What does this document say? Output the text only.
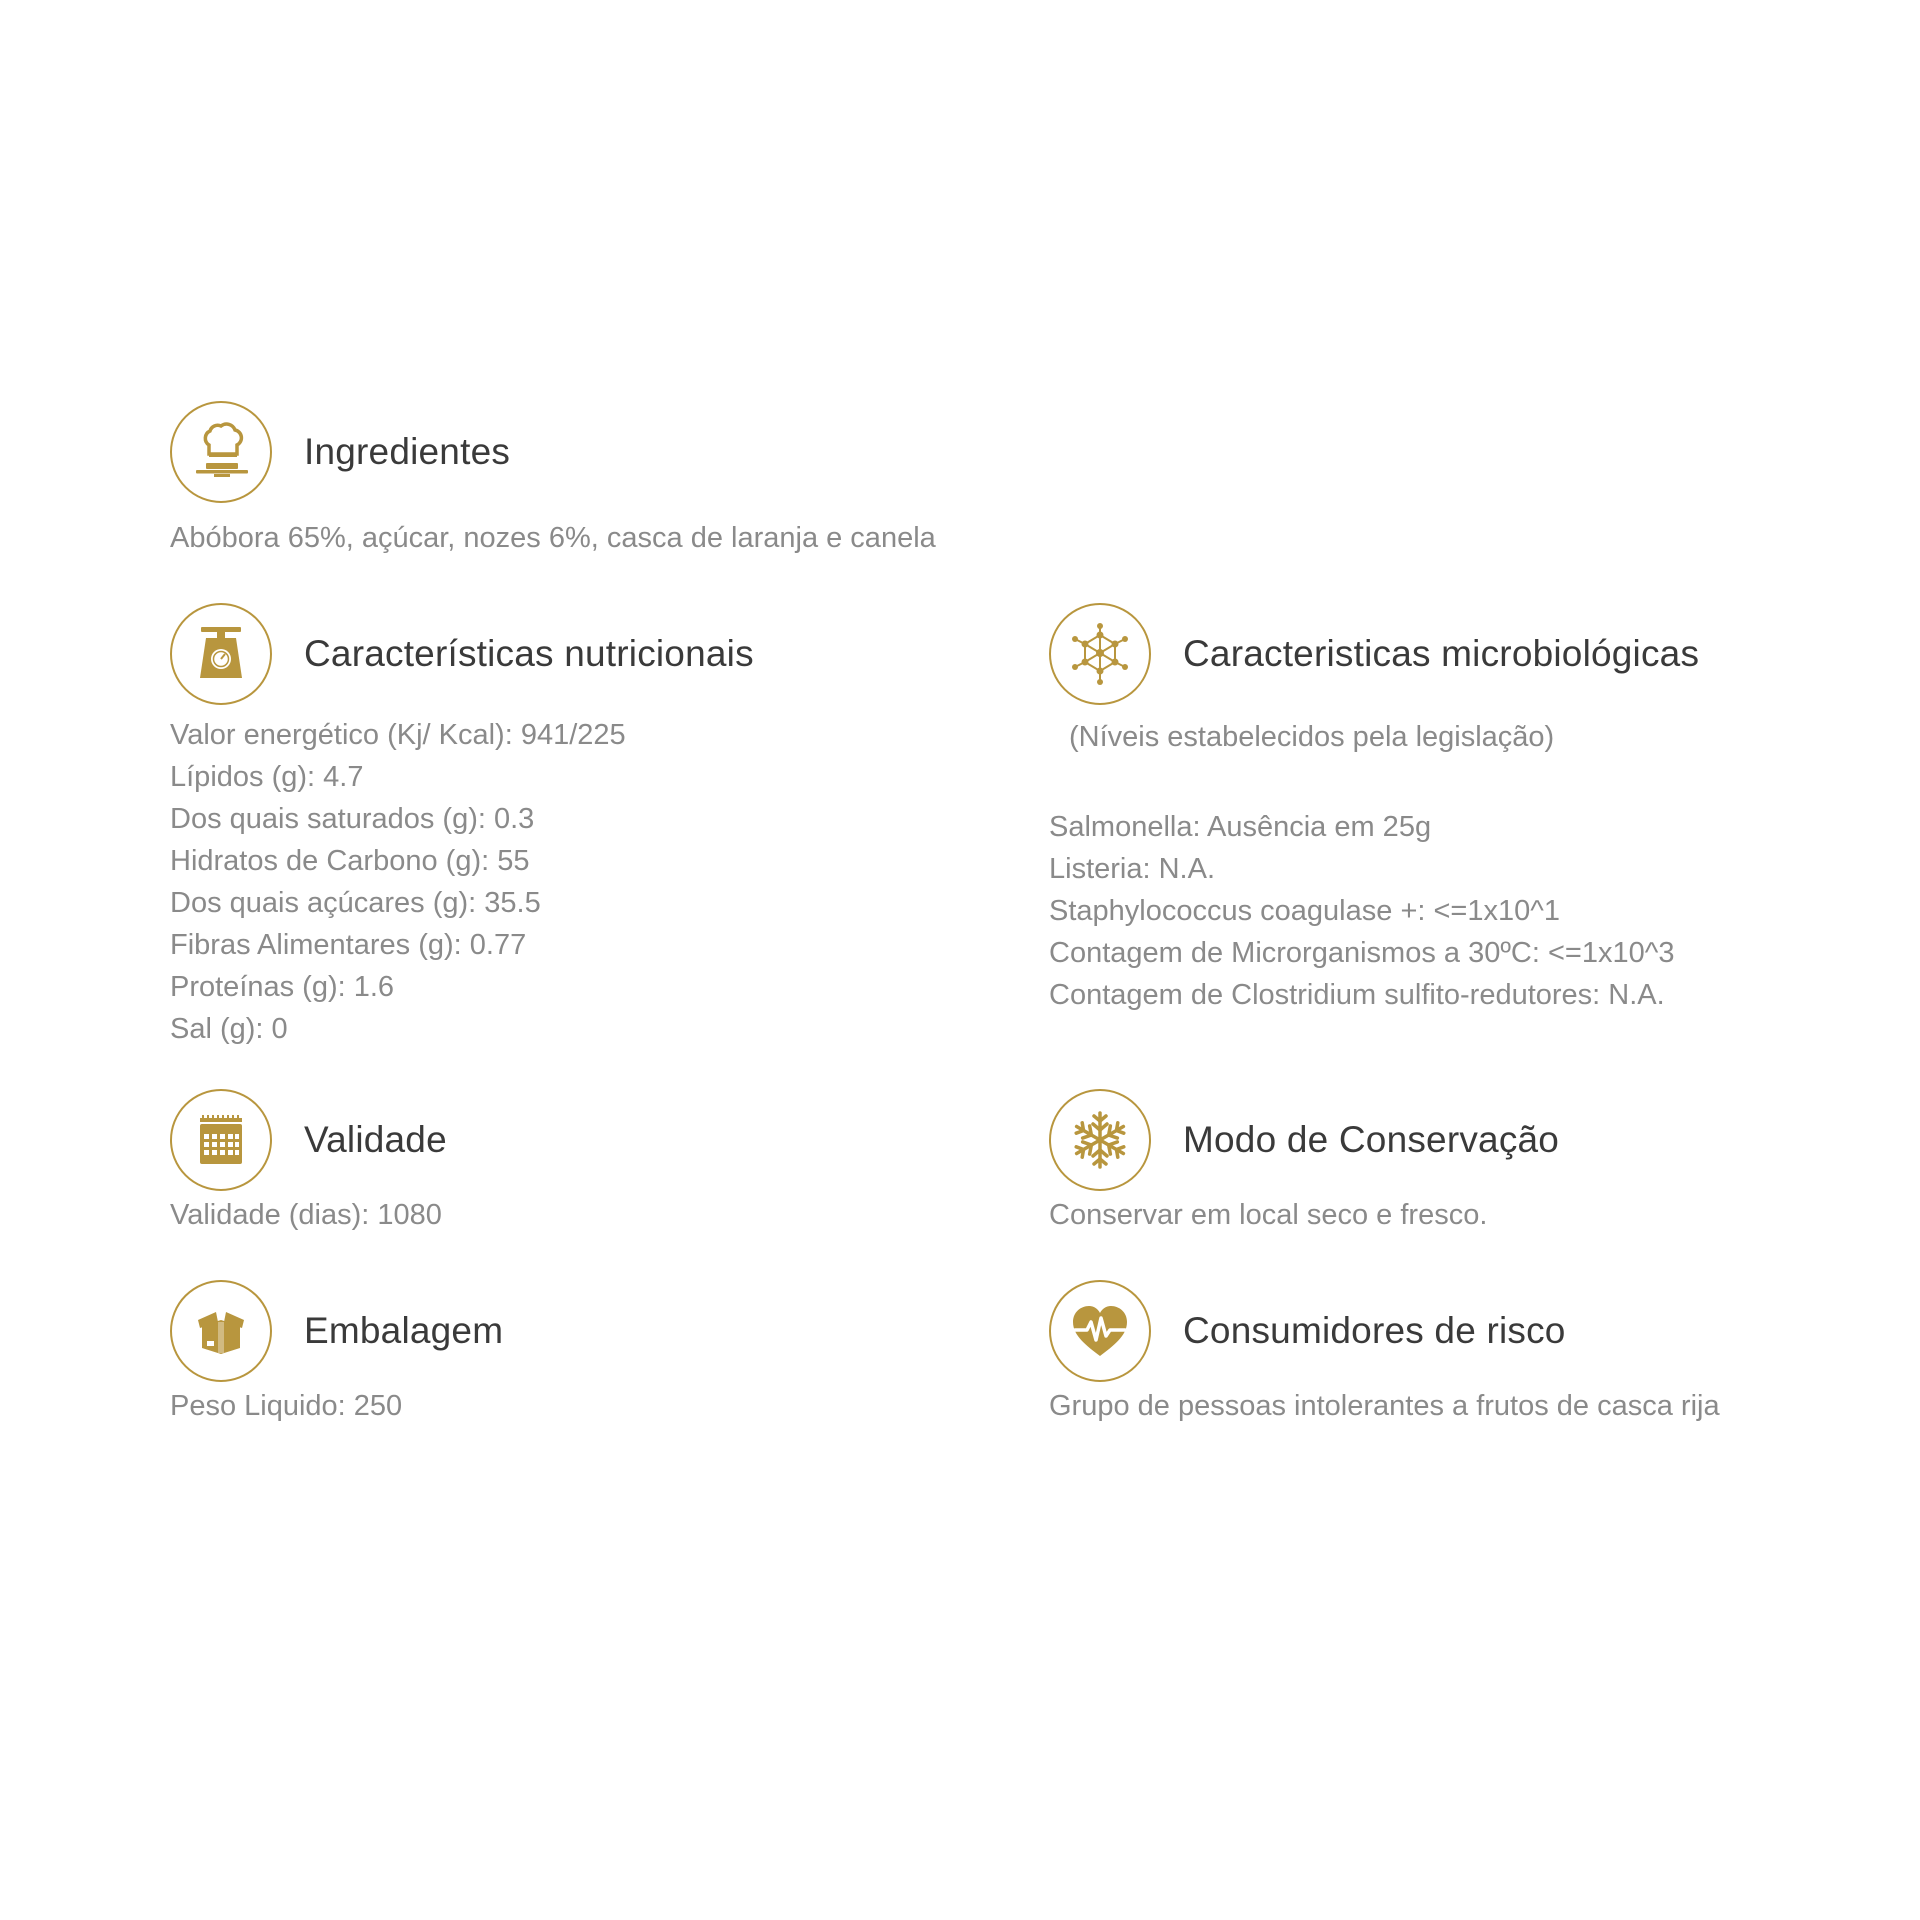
Ingredientes
Abóbora 65%, açúcar, nozes 6%, casca de laranja e canela
Características nutricionais
Valor energético (Kj/ Kcal): 941/225
Lípidos (g): 4.7
Dos quais saturados (g): 0.3
Hidratos de Carbono (g): 55
Dos quais açúcares (g): 35.5
Fibras Alimentares (g): 0.77
Proteínas (g): 1.6
Sal (g): 0
Caracteristicas microbiológicas
(Níveis estabelecidos pela legislação)
Salmonella: Ausência em 25g
Listeria: N.A.
Staphylococcus coagulase +: <=1x10^1
Contagem de Microrganismos a 30ºC: <=1x10^3
Contagem de Clostridium sulfito-redutores: N.A.
Validade
Validade (dias): 1080
Modo de Conservação
Conservar em local seco e fresco.
Embalagem
Peso Liquido: 250
Consumidores de risco
Grupo de pessoas intolerantes a frutos de casca rija
